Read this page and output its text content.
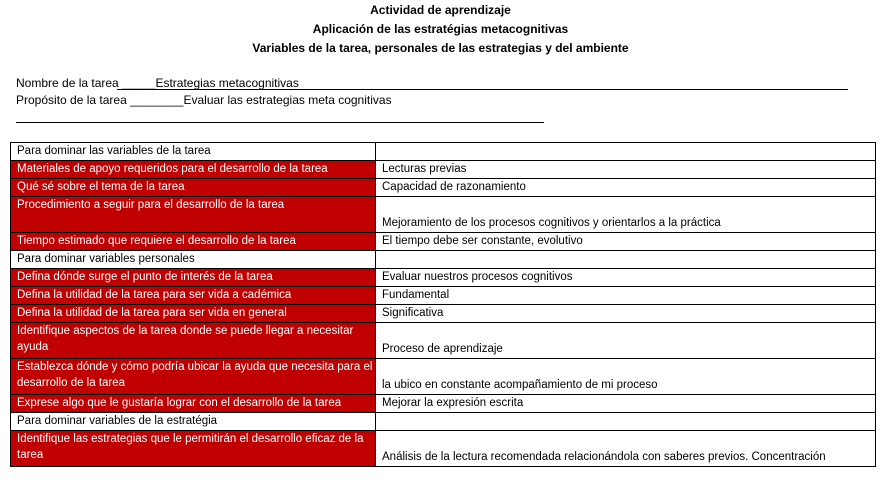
Actividad de aprendizaje
Aplicación de las estratégias metacognitivas
Variables de la tarea, personales de las estrategias y del ambiente
Nombre de la tarea _____Estrategias metacognitivas
Propósito de la tarea ________Evaluar las estrategias meta cognitivas
Para dominar las variables de la tarea	
Materiales de apoyo requeridos para el desarrollo de la tarea	Lecturas previas
Qué sé sobre el tema de la tarea	Capacidad de razonamiento
Procedimiento a seguir para el desarrollo de la tarea	Mejoramiento de los procesos cognitivos y orientarlos a la práctica
Tiempo estimado que requiere el desarrollo de la tarea	El tiempo debe ser constante, evolutivo
Para dominar variables personales	
Defina dónde surge el punto de interés de la tarea	Evaluar nuestros procesos cognitivos
Defina la utilidad de la tarea para ser vida a cadémica	Fundamental
Defina la utilidad de la tarea para ser vida en general	Significativa
Identifique aspectos de la tarea donde se puede llegar a necesitar ayuda	Proceso de aprendizaje
Establezca dónde y cómo podría ubicar la ayuda que necesita para el desarrollo de la tarea	la ubico en constante acompañamiento de mi proceso
Exprese algo que le gustaría lograr con el desarrollo de la tarea	Mejorar la expresión escrita
Para dominar variables de la estratégia	
Identifique las estrategias que le permitirán el desarrollo eficaz de la tarea	Análisis de la lectura recomendada relacionándola con saberes previos. Concentración
